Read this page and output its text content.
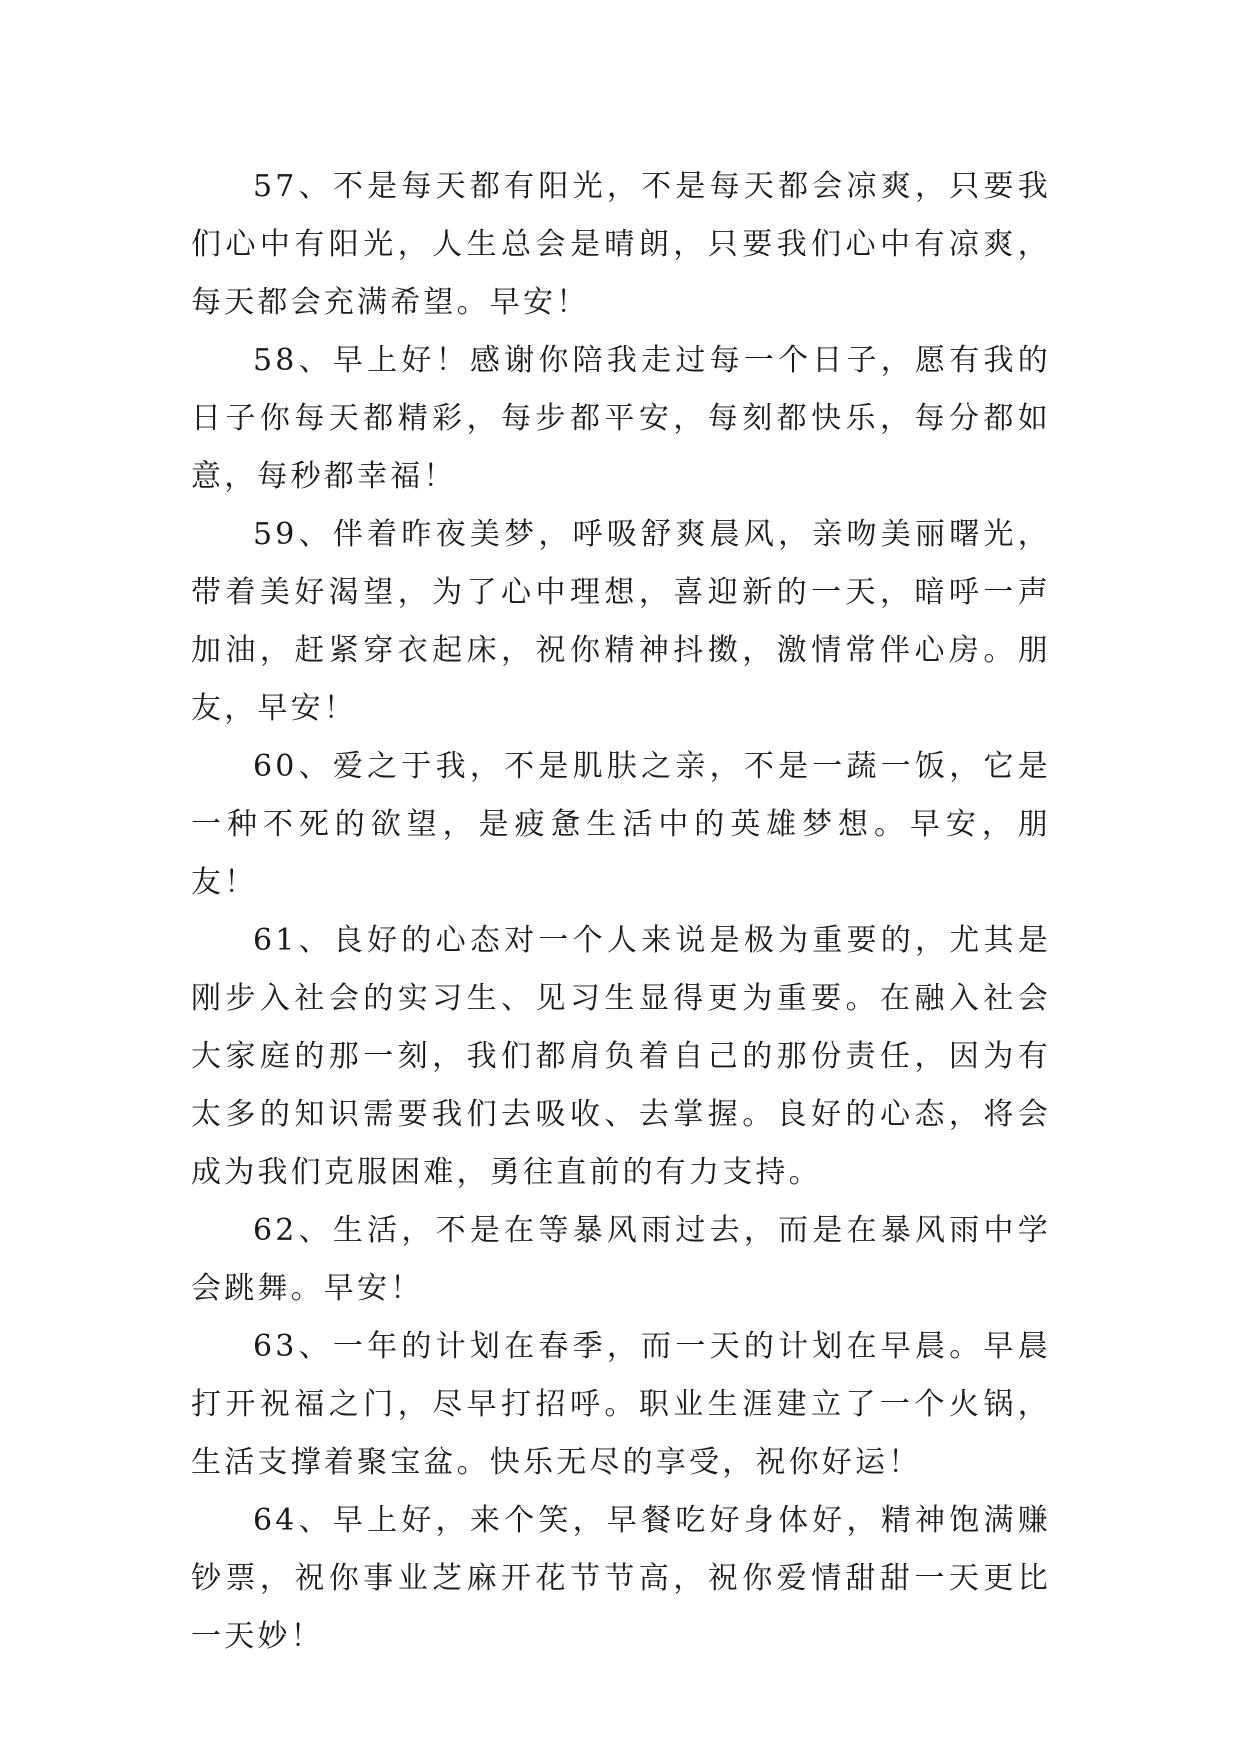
57、不是每天都有阳光，不是每天都会凉爽，只要我们心中有阳光，人生总会是晴朗，只要我们心中有凉爽，每天都会充满希望。早安！

58、早上好！感谢你陪我走过每一个日子，愿有我的日子你每天都精彩，每步都平安，每刻都快乐，每分都如意，每秒都幸福！

59、伴着昨夜美梦，呼吸舒爽晨风，亲吻美丽曙光，带着美好渴望，为了心中理想，喜迎新的一天，暗呼一声加油，赶紧穿衣起床，祝你精神抖擞，激情常伴心房。朋友，早安！

60、爱之于我，不是肌肤之亲，不是一蔬一饭，它是一种不死的欲望，是疲惫生活中的英雄梦想。早安，朋友！

61、良好的心态对一个人来说是极为重要的，尤其是刚步入社会的实习生、见习生显得更为重要。在融入社会大家庭的那一刻，我们都肩负着自己的那份责任，因为有太多的知识需要我们去吸收、去掌握。良好的心态，将会成为我们克服困难，勇往直前的有力支持。

62、生活，不是在等暴风雨过去，而是在暴风雨中学会跳舞。早安！

63、一年的计划在春季，而一天的计划在早晨。早晨打开祝福之门，尽早打招呼。职业生涯建立了一个火锅，生活支撑着聚宝盆。快乐无尽的享受，祝你好运！

64、早上好，来个笑，早餐吃好身体好，精神饱满赚钞票，祝你事业芝麻开花节节高，祝你爱情甜甜一天更比一天妙！
